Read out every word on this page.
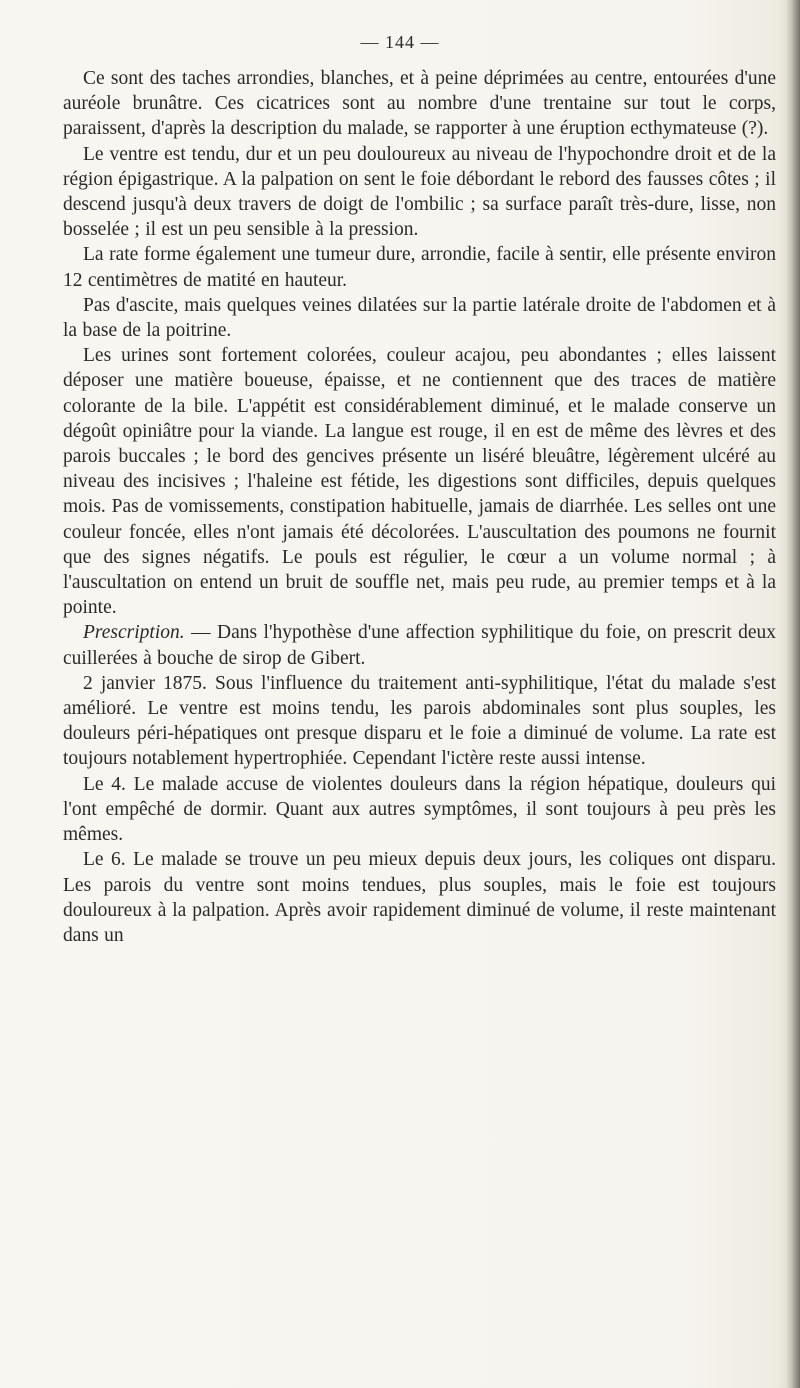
— 144 —

Ce sont des taches arrondies, blanches, et à peine déprimées au centre, entourées d'une auréole brunâtre. Ces cicatrices sont au nombre d'une trentaine sur tout le corps, paraissent, d'après la description du malade, se rapporter à une éruption ecthymateuse (?).

Le ventre est tendu, dur et un peu douloureux au niveau de l'hypochondre droit et de la région épigastrique. A la palpation on sent le foie débordant le rebord des fausses côtes ; il descend jusqu'à deux travers de doigt de l'ombilic ; sa surface paraît très-dure, lisse, non bosselée ; il est un peu sensible à la pression.

La rate forme également une tumeur dure, arrondie, facile à sentir, elle présente environ 12 centimètres de matité en hauteur.

Pas d'ascite, mais quelques veines dilatées sur la partie latérale droite de l'abdomen et à la base de la poitrine.

Les urines sont fortement colorées, couleur acajou, peu abondantes ; elles laissent déposer une matière boueuse, épaisse, et ne contiennent que des traces de matière colorante de la bile. L'appétit est considérablement diminué, et le malade conserve un dégoût opiniâtre pour la viande. La langue est rouge, il en est de même des lèvres et des parois buccales ; le bord des gencives présente un liséré bleuâtre, légèrement ulcéré au niveau des incisives ; l'haleine est fétide, les digestions sont difficiles, depuis quelques mois. Pas de vomissements, constipation habituelle, jamais de diarrhée. Les selles ont une couleur foncée, elles n'ont jamais été décolorées. L'auscultation des poumons ne fournit que des signes négatifs. Le pouls est régulier, le cœur a un volume normal ; à l'auscultation on entend un bruit de souffle net, mais peu rude, au premier temps et à la pointe.

Prescription. — Dans l'hypothèse d'une affection syphilitique du foie, on prescrit deux cuillerées à bouche de sirop de Gibert.

2 janvier 1875. Sous l'influence du traitement anti-syphilitique, l'état du malade s'est amélioré. Le ventre est moins tendu, les parois abdominales sont plus souples, les douleurs péri-hépatiques ont presque disparu et le foie a diminué de volume. La rate est toujours notablement hypertrophiée. Cependant l'ictère reste aussi intense.

Le 4. Le malade accuse de violentes douleurs dans la région hépatique, douleurs qui l'ont empêché de dormir. Quant aux autres symptômes, il sont toujours à peu près les mêmes.

Le 6. Le malade se trouve un peu mieux depuis deux jours, les coliques ont disparu. Les parois du ventre sont moins tendues, plus souples, mais le foie est toujours douloureux à la palpation. Après avoir rapidement diminué de volume, il reste maintenant dans un
